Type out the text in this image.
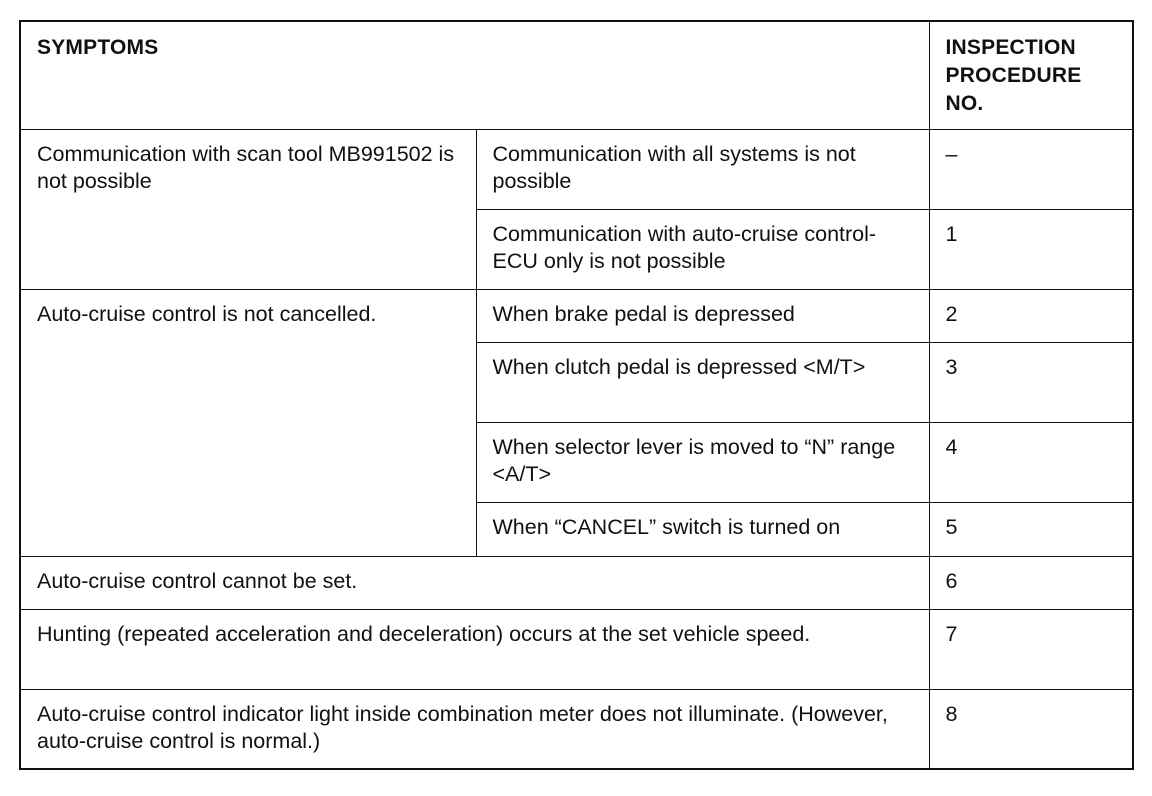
SYMPTOMS		INSPECTION
PROCEDURE
NO.

Communication with scan tool MB991502 is not possible	Communication with all systems is not possible	–

	Communication with auto-cruise control-ECU only is not possible	1

Auto-cruise control is not cancelled.	When brake pedal is depressed	2

	When clutch pedal is depressed <M/T>	3

	When selector lever is moved to “N” range <A/T>	4

	When “CANCEL” switch is turned on	5

Auto-cruise control cannot be set.		6

Hunting (repeated acceleration and deceleration) occurs at the set vehicle speed.		7

Auto-cruise control indicator light inside combination meter does not illuminate. (However, auto-cruise control is normal.)		8
